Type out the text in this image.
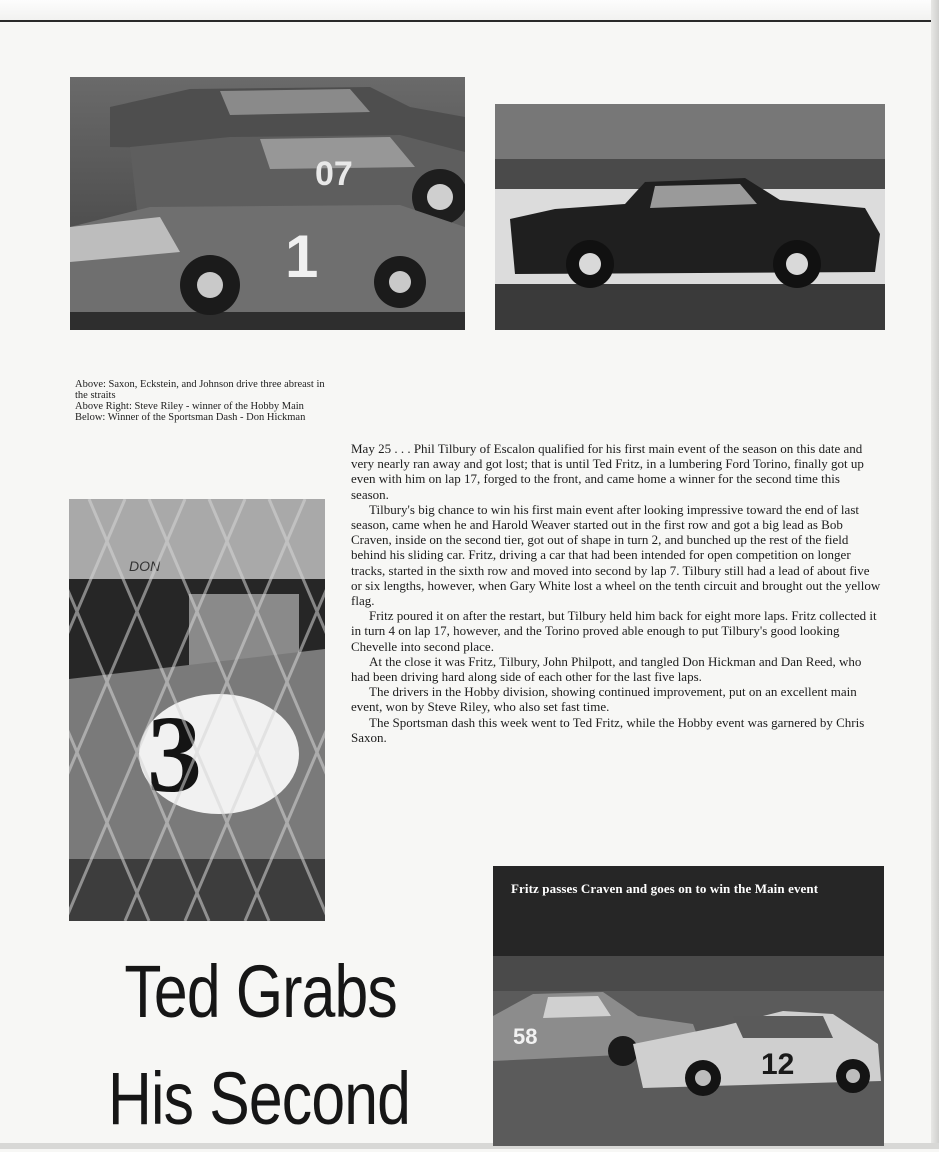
07
1
Above: Saxon, Eckstein, and Johnson drive three abreast in the straits
Above Right: Steve Riley - winner of the Hobby Main
Below: Winner of the Sportsman Dash - Don Hickman
DON
3

May 25 . . . Phil Tilbury of Escalon qualified for his first main event of the season on this date and very nearly ran away and got lost; that is until Ted Fritz, in a lumbering Ford Torino, finally got up even with him on lap 17, forged to the front, and came home a winner for the second time this season.

Tilbury's big chance to win his first main event after looking impressive toward the end of last season, came when he and Harold Weaver started out in the first row and got a big lead as Bob Craven, inside on the second tier, got out of shape in turn 2, and bunched up the rest of the field behind his sliding car. Fritz, driving a car that had been intended for open competition on longer tracks, started in the sixth row and moved into second by lap 7. Tilbury still had a lead of about five or six lengths, however, when Gary White lost a wheel on the tenth circuit and brought out the yellow flag.

Fritz poured it on after the restart, but Tilbury held him back for eight more laps. Fritz collected it in turn 4 on lap 17, however, and the Torino proved able enough to put Tilbury's good looking Chevelle into second place.

At the close it was Fritz, Tilbury, John Philpott, and tangled Don Hickman and Dan Reed, who had been driving hard along side of each other for the last five laps.

The drivers in the Hobby division, showing continued improvement, put on an excellent main event, won by Steve Riley, who also set fast time.

The Sportsman dash this week went to Ted Fritz, while the Hobby event was garnered by Chris Saxon.

58
12
Fritz passes Craven and goes on to win the Main event
Ted Grabs
His Second
